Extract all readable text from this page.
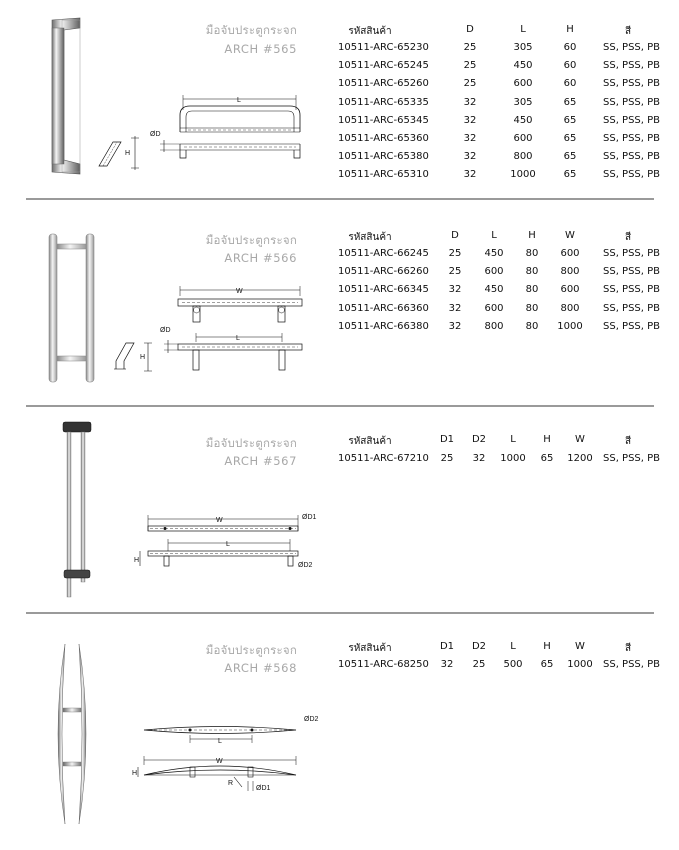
H
L
ØD
มือจับประตูกระจก
ARCH #565
รหัสสินค้า	D	L	H	สี
10511-ARC-65230	25	305	60	SS, PSS, PB
10511-ARC-65245	25	450	60	SS, PSS, PB
10511-ARC-65260	25	600	60	SS, PSS, PB
10511-ARC-65335	32	305	65	SS, PSS, PB
10511-ARC-65345	32	450	65	SS, PSS, PB
10511-ARC-65360	32	600	65	SS, PSS, PB
10511-ARC-65380	32	800	65	SS, PSS, PB
10511-ARC-65310	32	1000	65	SS, PSS, PB
H
W
L
ØD
มือจับประตูกระจก
ARCH #566
รหัสสินค้า	D	L	H	W	สี
10511-ARC-66245	25	450	80	600	SS, PSS, PB
10511-ARC-66260	25	600	80	800	SS, PSS, PB
10511-ARC-66345	32	450	80	600	SS, PSS, PB
10511-ARC-66360	32	600	80	800	SS, PSS, PB
10511-ARC-66380	32	800	80	1000	SS, PSS, PB
W	ØD1
L
H
ØD2
มือจับประตูกระจก
ARCH #567
รหัสสินค้า	D1	D2	L	H	W	สี
10511-ARC-67210	25	32	1000	65	1200	SS, PSS, PB
ØD2
L
W
H
R
ØD1
มือจับประตูกระจก
ARCH #568
รหัสสินค้า	D1	D2	L	H	W	สี
10511-ARC-68250	32	25	500	65	1000	SS, PSS, PB
